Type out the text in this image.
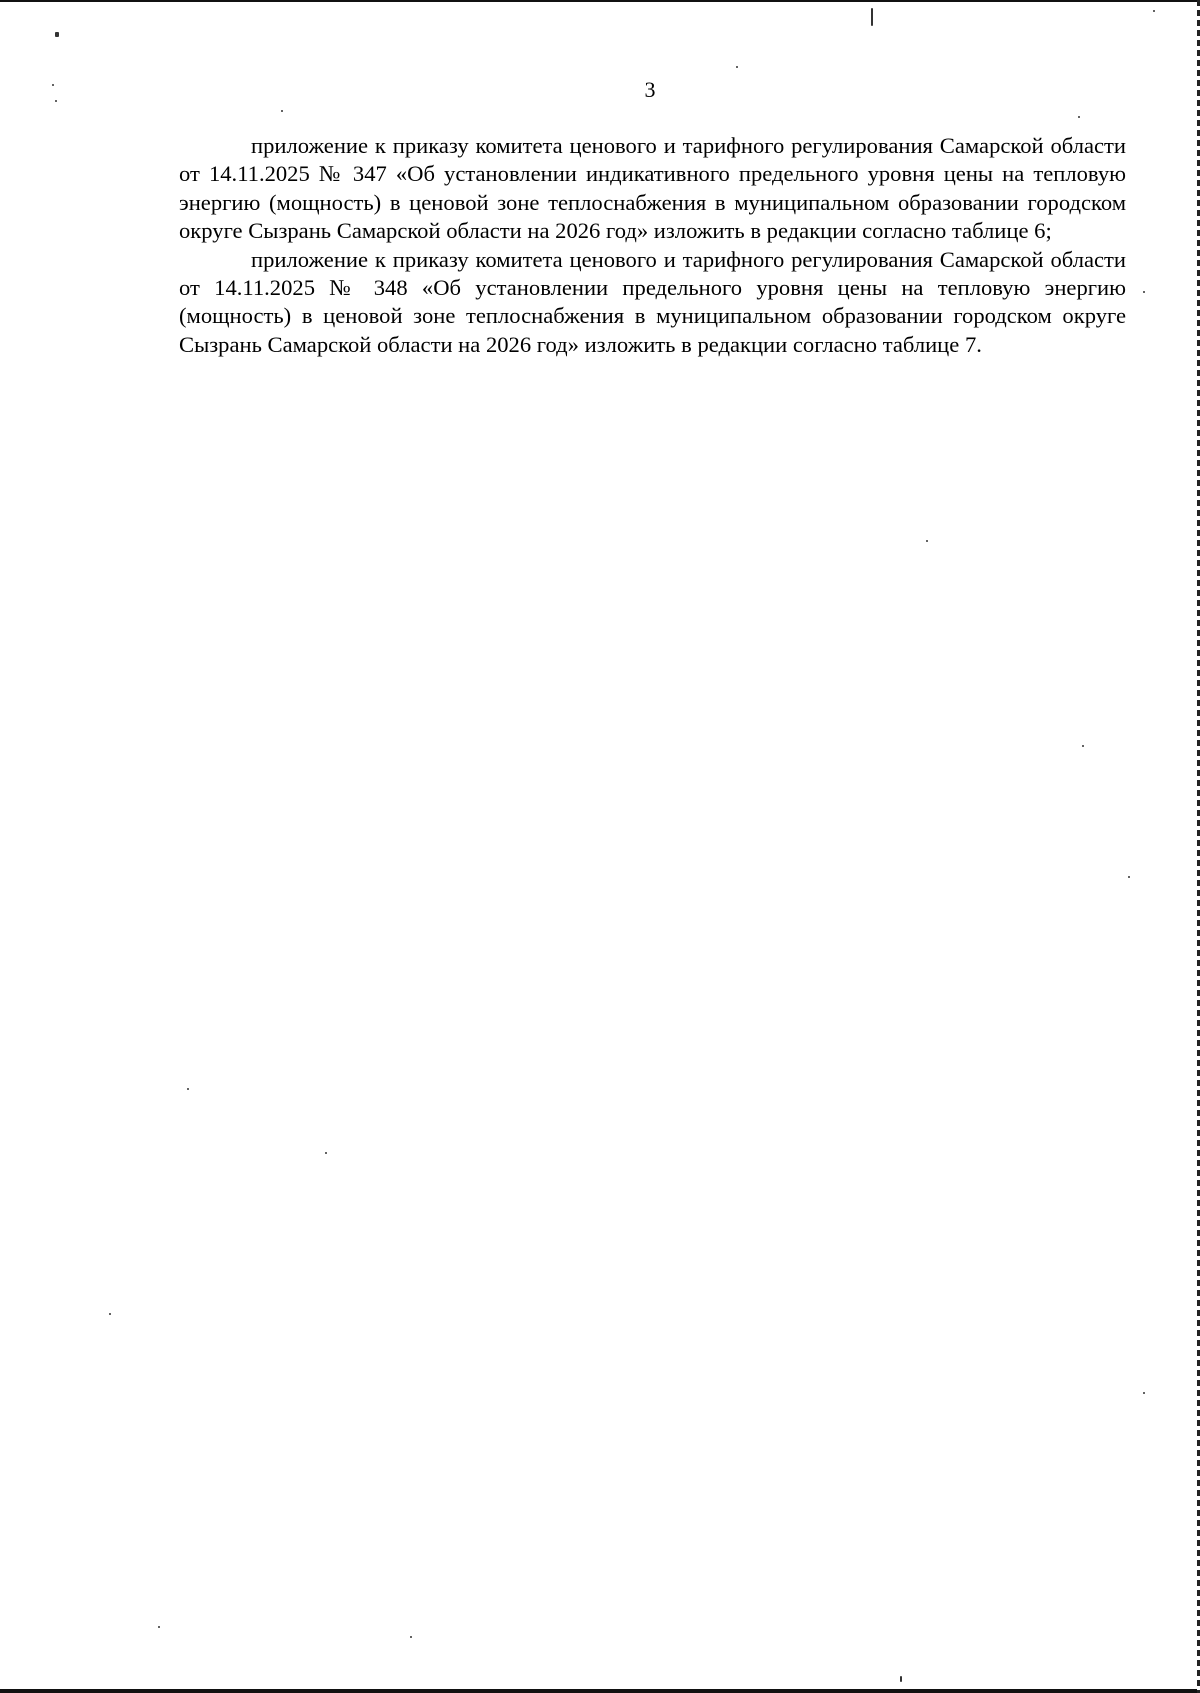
3

приложение к приказу комитета ценового и тарифного регулирования Самарской области от 14.11.2025 № 347 «Об установлении индикативного предельного уровня цены на тепловую энергию (мощность) в ценовой зоне теплоснабжения в муниципальном образовании городском округе Сызрань Самарской области на 2026 год» изложить в редакции согласно таблице 6;

приложение к приказу комитета ценового и тарифного регулирования Самарской области от 14.11.2025 № 348 «Об установлении предельного уровня цены на тепловую энергию (мощность) в ценовой зоне теплоснабжения в муниципальном образовании городском округе Сызрань Самарской области на 2026 год» изложить в редакции согласно таблице 7.
